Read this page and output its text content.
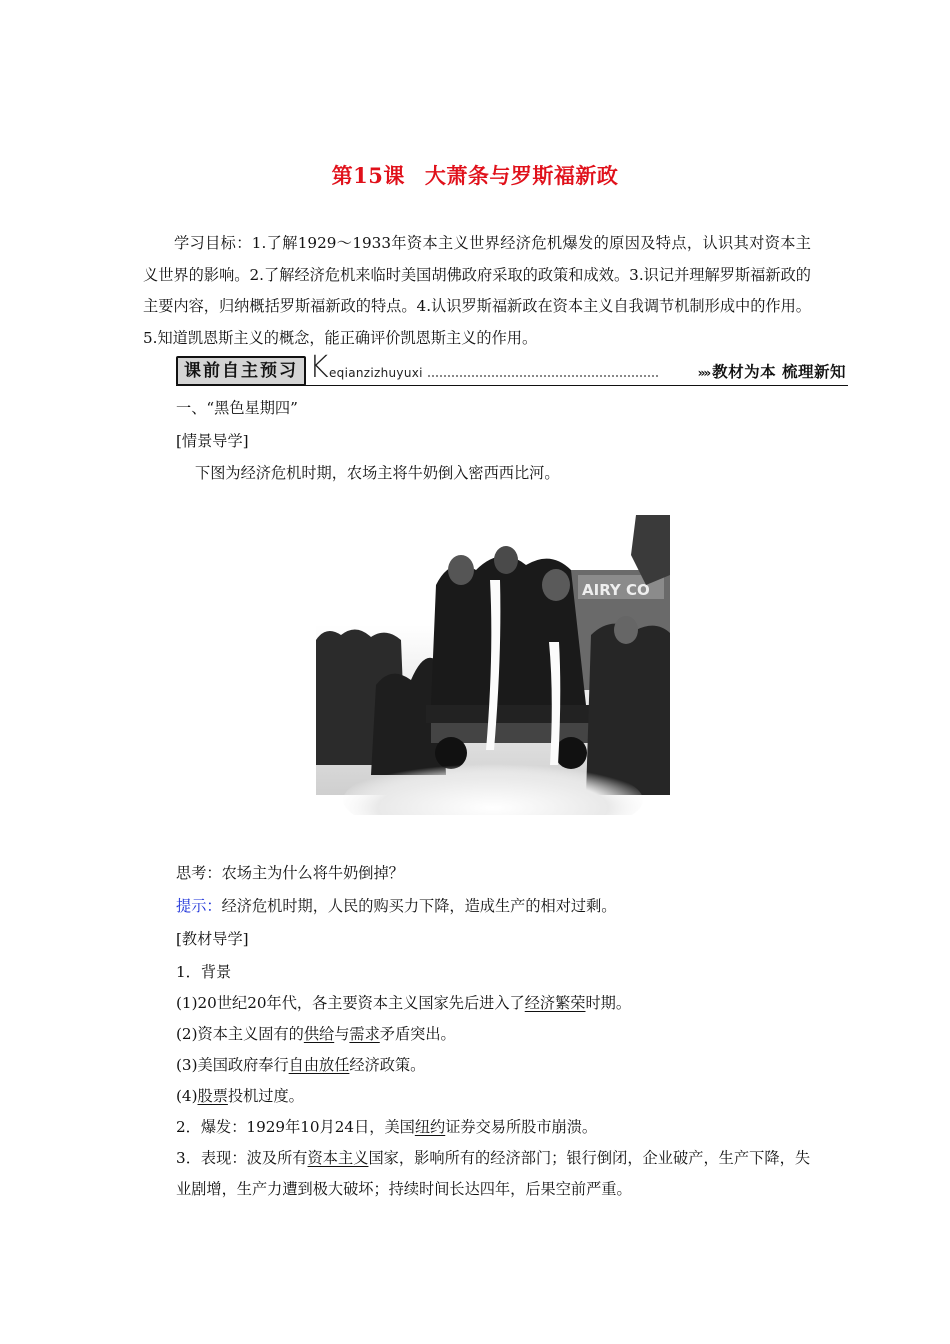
第15课 大萧条与罗斯福新政
学习目标：1.了解1929～1933年资本主义世界经济危机爆发的原因及特点，认识其对资本主义世界的影响。2.了解经济危机来临时美国胡佛政府采取的政策和成效。3.识记并理解罗斯福新政的主要内容，归纳概括罗斯福新政的特点。4.认识罗斯福新政在资本主义自我调节机制形成中的作用。5.知道凯恩斯主义的概念，能正确评价凯恩斯主义的作用。
课前自主预习 K eqianzizhuyuxi	»» 教材为本 梳理新知
一、“黑色星期四”
[情景导学]
下图为经济危机时期，农场主将牛奶倒入密西西比河。
AIRY CO
思考：农场主为什么将牛奶倒掉？
提示：经济危机时期，人民的购买力下降，造成生产的相对过剩。
[教材导学]
1．背景
(1)20世纪20年代，各主要资本主义国家先后进入了经济繁荣时期。
(2)资本主义固有的供给与需求矛盾突出。
(3)美国政府奉行自由放任经济政策。
(4)股票投机过度。
2．爆发：1929年10月24日，美国纽约证券交易所股市崩溃。
3．表现：波及所有资本主义国家，影响所有的经济部门；银行倒闭，企业破产，生产下降，失业剧增，生产力遭到极大破坏；持续时间长达四年，后果空前严重。
